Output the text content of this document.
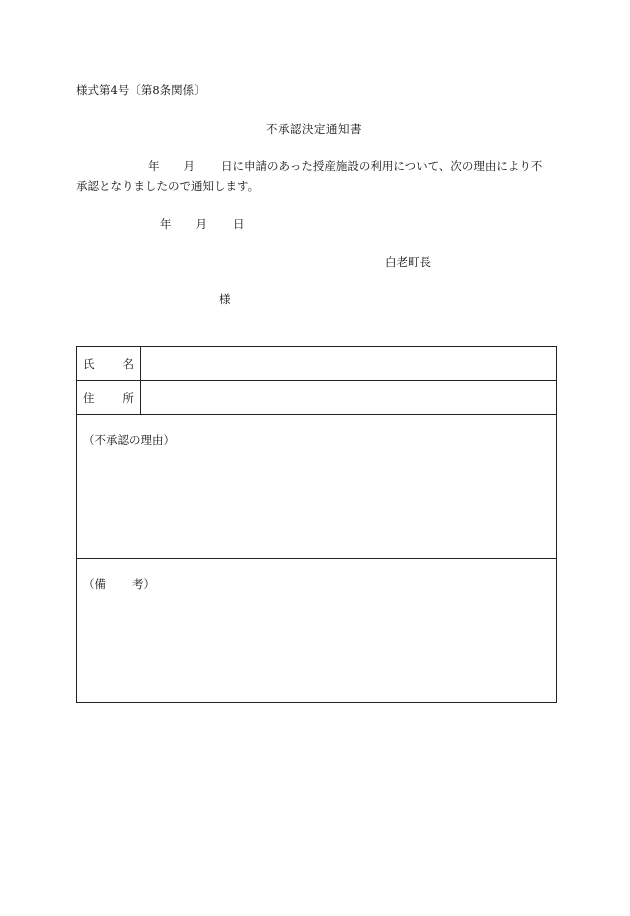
様式第4号〔第8条関係〕
不承認決定通知書
年 月 日に申請のあった授産施設の利用について、次の理由により不
承認となりましたので通知します。
年 月 日
白老町長
様
氏 名	

住 所	

（不承認の理由）	

（備 考）	
